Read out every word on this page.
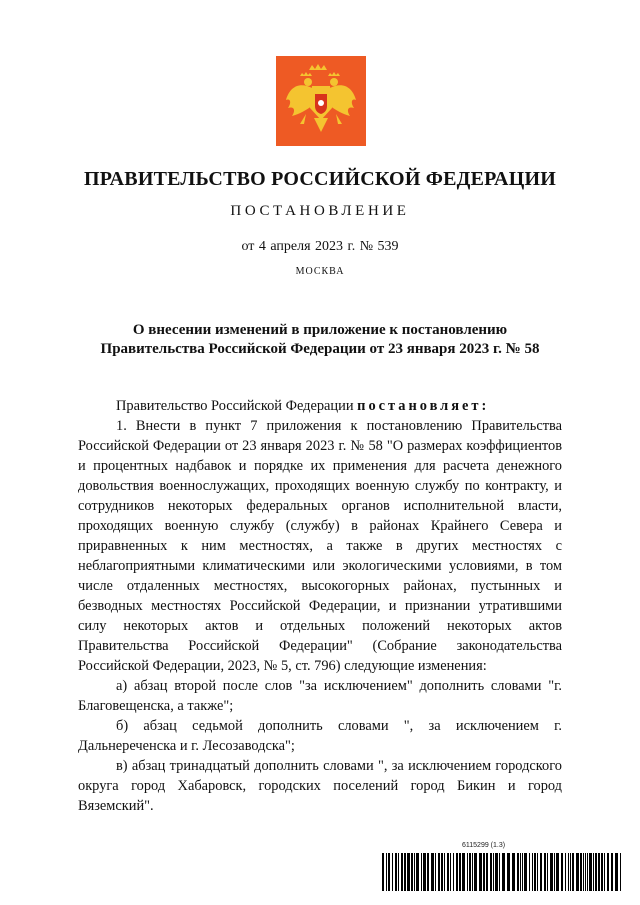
ПРАВИТЕЛЬСТВО РОССИЙСКОЙ ФЕДЕРАЦИИ
ПОСТАНОВЛЕНИЕ
от 4 апреля 2023 г. № 539
МОСКВА
О внесении изменений в приложение к постановлению
Правительства Российской Федерации от 23 января 2023 г. № 58

Правительство Российской Федерации постановляет:

1. Внести в пункт 7 приложения к постановлению Правительства Российской Федерации от 23 января 2023 г. № 58 "О размерах коэффициентов и процентных надбавок и порядке их применения для расчета денежного довольствия военнослужащих, проходящих военную службу по контракту, и сотрудников некоторых федеральных органов исполнительной власти, проходящих военную службу (службу) в районах Крайнего Севера и приравненных к ним местностях, а также в других местностях с неблагоприятными климатическими или экологическими условиями, в том числе отдаленных местностях, высокогорных районах, пустынных и безводных местностях Российской Федерации, и признании утратившими силу некоторых актов и отдельных положений некоторых актов Правительства Российской Федерации" (Собрание законодательства Российской Федерации, 2023, № 5, ст. 796) следующие изменения:

а) абзац второй после слов "за исключением" дополнить словами "г. Благовещенска, а также";

б) абзац седьмой дополнить словами ", за исключением г. Дальнереченска и г. Лесозаводска";

в) абзац тринадцатый дополнить словами ", за исключением городского округа город Хабаровск, городских поселений город Бикин и город Вяземский".

6115299 (1.3)
